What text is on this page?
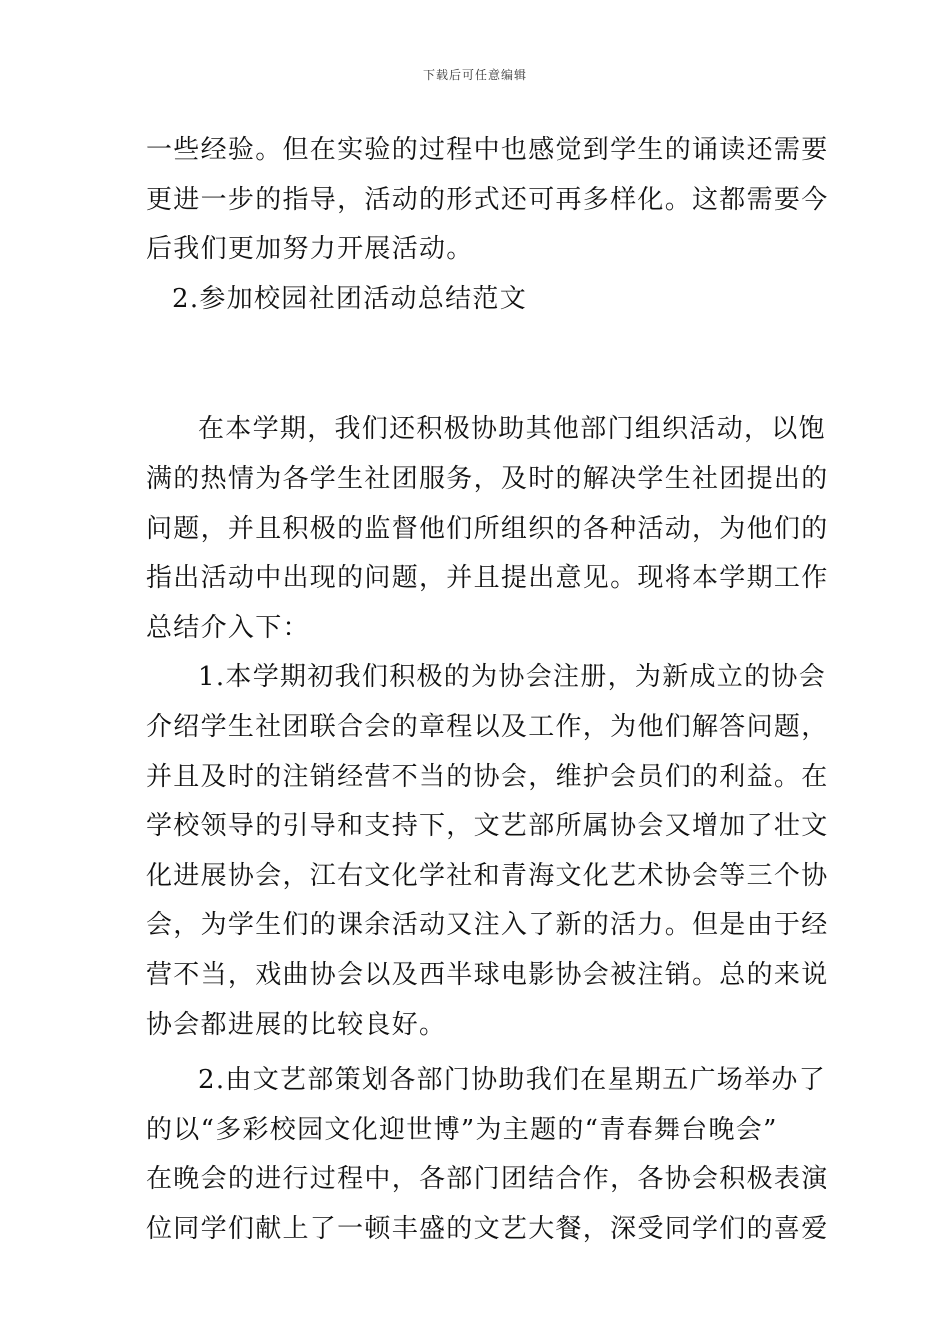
下载后可任意编辑
一些经验。但在实验的过程中也感觉到学生的诵读还需要
更进一步的指导，活动的形式还可再多样化。这都需要今
后我们更加努力开展活动。
2.参加校园社团活动总结范文
在本学期，我们还积极协助其他部门组织活动，以饱
满的热情为各学生社团服务，及时的解决学生社团提出的
问题，并且积极的监督他们所组织的各种活动，为他们的
指出活动中出现的问题，并且提出意见。现将本学期工作
总结介入下：
1.本学期初我们积极的为协会注册，为新成立的协会
介绍学生社团联合会的章程以及工作，为他们解答问题，
并且及时的注销经营不当的协会，维护会员们的利益。在
学校领导的引导和支持下，文艺部所属协会又增加了壮文
化进展协会，江右文化学社和青海文化艺术协会等三个协
会，为学生们的课余活动又注入了新的活力。但是由于经
营不当，戏曲协会以及西半球电影协会被注销。总的来说
协会都进展的比较良好。
2.由文艺部策划各部门协助我们在星期五广场举办了
的以“多彩校园文化迎世博”为主题的“青春舞台晚会”
在晚会的进行过程中，各部门团结合作，各协会积极表演
位同学们献上了一顿丰盛的文艺大餐，深受同学们的喜爱
